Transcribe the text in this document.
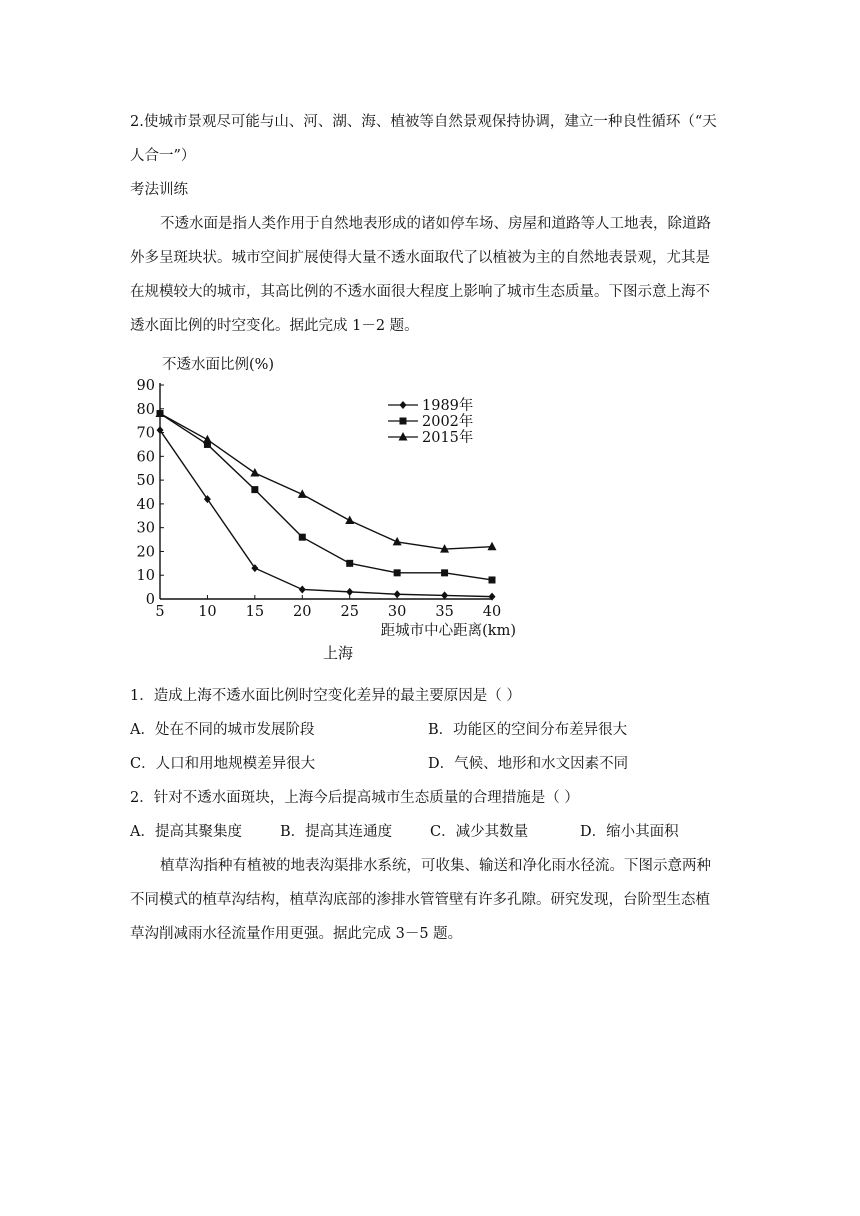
2.使城市景观尽可能与山、河、湖、海、植被等自然景观保持协调，建立一种良性循环（“天
人合一”）
考法训练
不透水面是指人类作用于自然地表形成的诸如停车场、房屋和道路等人工地表，除道路
外多呈斑块状。城市空间扩展使得大量不透水面取代了以植被为主的自然地表景观，尤其是
在规模较大的城市，其高比例的不透水面很大程度上影响了城市生态质量。下图示意上海不
透水面比例的时空变化。据此完成 1－2 题。
0
10
20
30
40
50
60
70
80
90
5 10 15 20 25 30 35 40
1989年
2002年
2015年
不透水面比例(%)
距城市中心距离(km)
上海
1．造成上海不透水面比例时空变化差异的最主要原因是（ ）
A．处在不同的城市发展阶段	B．功能区的空间分布差异很大
C．人口和用地规模差异很大	D．气候、地形和水文因素不同
2．针对不透水面斑块，上海今后提高城市生态质量的合理措施是（ ）
A．提高其聚集度	B．提高其连通度	C．减少其数量	D．缩小其面积
植草沟指种有植被的地表沟渠排水系统，可收集、输送和净化雨水径流。下图示意两种
不同模式的植草沟结构，植草沟底部的渗排水管管壁有许多孔隙。研究发现，台阶型生态植
草沟削减雨水径流量作用更强。据此完成 3－5 题。
